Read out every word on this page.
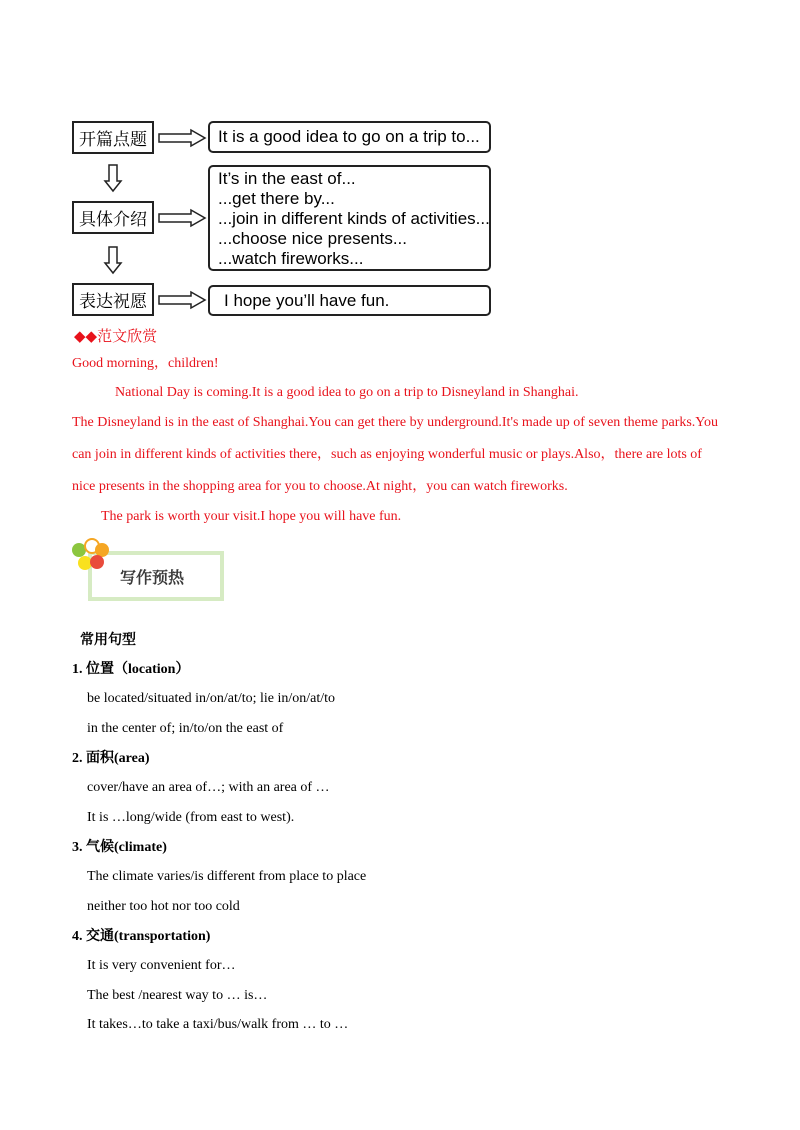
开篇点题
具体介绍
表达祝愿
It is a good idea to go on a trip to...
It’s in the east of...
...get there by...
...join in different kinds of activities...
...choose nice presents...
...watch fireworks...
I hope you’ll have fun.
◆◆范文欣赏
Good morning，children!
National Day is coming.It is a good idea to go on a trip to Disneyland in Shanghai.
The Disneyland is in the east of Shanghai.You can get there by underground.It's made up of seven theme parks.You
can join in different kinds of activities there，such as enjoying wonderful music or plays.Also，there are lots of
nice presents in the shopping area for you to choose.At night，you can watch fireworks.
The park is worth your visit.I hope you will have fun.
写作预热
常用句型
1. 位置（location）
be located/situated in/on/at/to; lie in/on/at/to
in the center of; in/to/on the east of
2. 面积(area)
cover/have an area of…; with an area of …
It is …long/wide (from east to west).
3. 气候(climate)
The climate varies/is different from place to place
neither too hot nor too cold
4. 交通(transportation)
It is very convenient for…
The best /nearest way to … is…
It takes…to take a taxi/bus/walk from … to …
